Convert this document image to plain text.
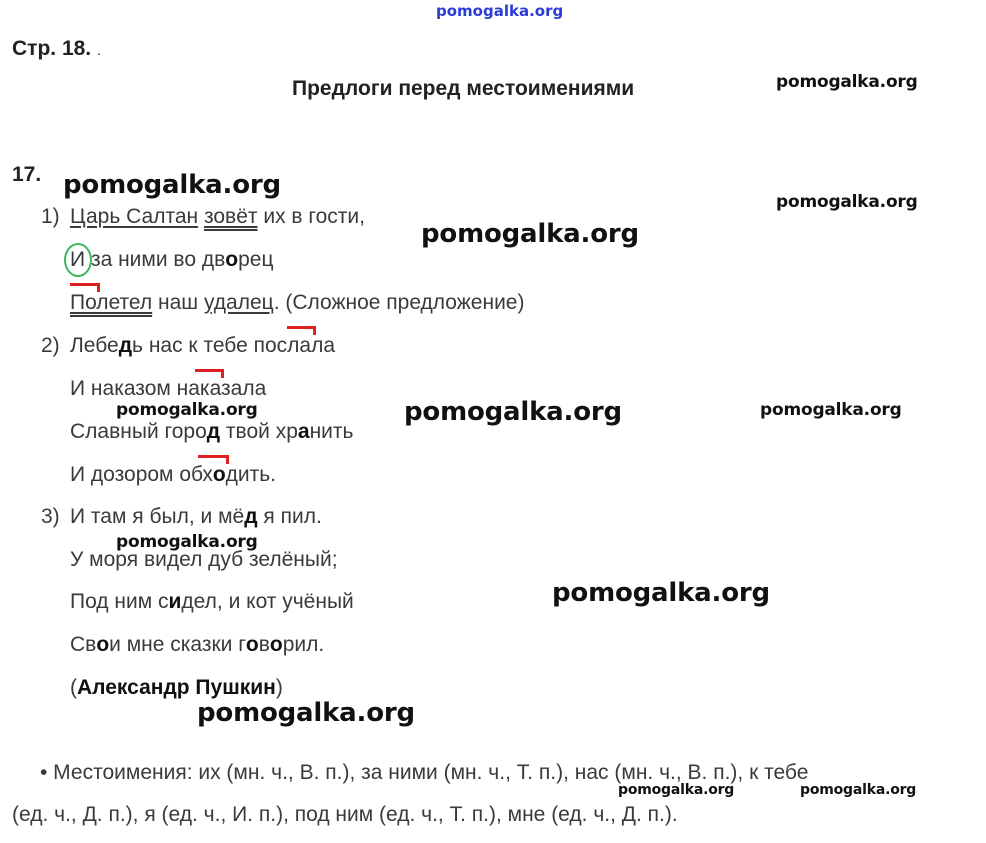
pomogalka.org
Стр. 18. .
Предлоги перед местоимениями	pomogalka.org
17. pomogalka.org
pomogalka.org
1) Царь Салтан зовёт их в гости,
pomogalka.org
И за ними во дворец
Полетел наш удалец. (Сложное предложение)
2) Лебедь нас к тебе послала
И наказом наказала
pomogalka.org	pomogalka.org	pomogalka.org
Славный город твой хранить
И дозором обходить.
3) И там я был, и мёд я пил.
У моря видел дуб зелёный;
pomogalka.org
Под ним сидел, и кот учёный	pomogalka.org
Свои мне сказки говорил.
(Александр Пушкин)
pomogalka.org
• Местоимения: их (мн. ч., В. п.), за ними (мн. ч., Т. п.), нас (мн. ч., В. п.), к тебе
pomogalka.org	pomogalka.org
(ед. ч., Д. п.), я (ед. ч., И. п.), под ним (ед. ч., Т. п.), мне (ед. ч., Д. п.).
